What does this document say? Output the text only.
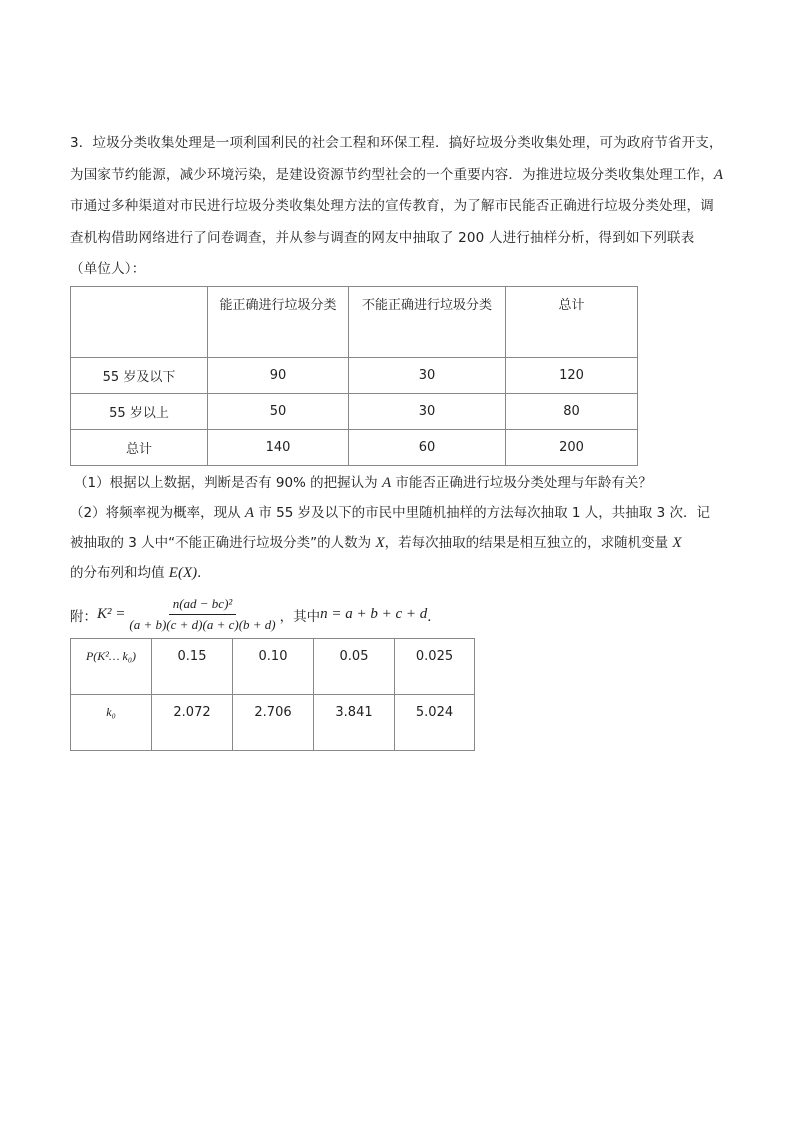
3．垃圾分类收集处理是一项利国利民的社会工程和环保工程．搞好垃圾分类收集处理，可为政府节省开支，为国家节约能源，减少环境污染，是建设资源节约型社会的一个重要内容．为推进垃圾分类收集处理工作，A市通过多种渠道对市民进行垃圾分类收集处理方法的宣传教育，为了解市民能否正确进行垃圾分类处理，调查机构借助网络进行了问卷调查，并从参与调查的网友中抽取了 200 人进行抽样分析，得到如下列联表
（单位人）：

	能正确进行垃圾分类	不能正确进行垃圾分类	总计
55 岁及以下	90	30	120
55 岁以上	50	30	80
总计	140	60	200

（1）根据以上数据，判断是否有 90% 的把握认为 A 市能否正确进行垃圾分类处理与年龄有关？

（2）将频率视为概率，现从 A 市 55 岁及以下的市民中里随机抽样的方法每次抽取 1 人，共抽取 3 次．记
被抽取的 3 人中“不能正确进行垃圾分类”的人数为 X，若每次抽取的结果是相互独立的，求随机变量 X
的分布列和均值 E(X)．

附： $K^2 = \frac{\text{n(ad − bc)²}}{(a + b)(c + d)(a + c)(b + d)}$ ，其中 n = a + b + c + d ．
P(K²… k₀)	0.15	0.10	0.05	0.025
k₀	2.072	2.706	3.841	5.024
